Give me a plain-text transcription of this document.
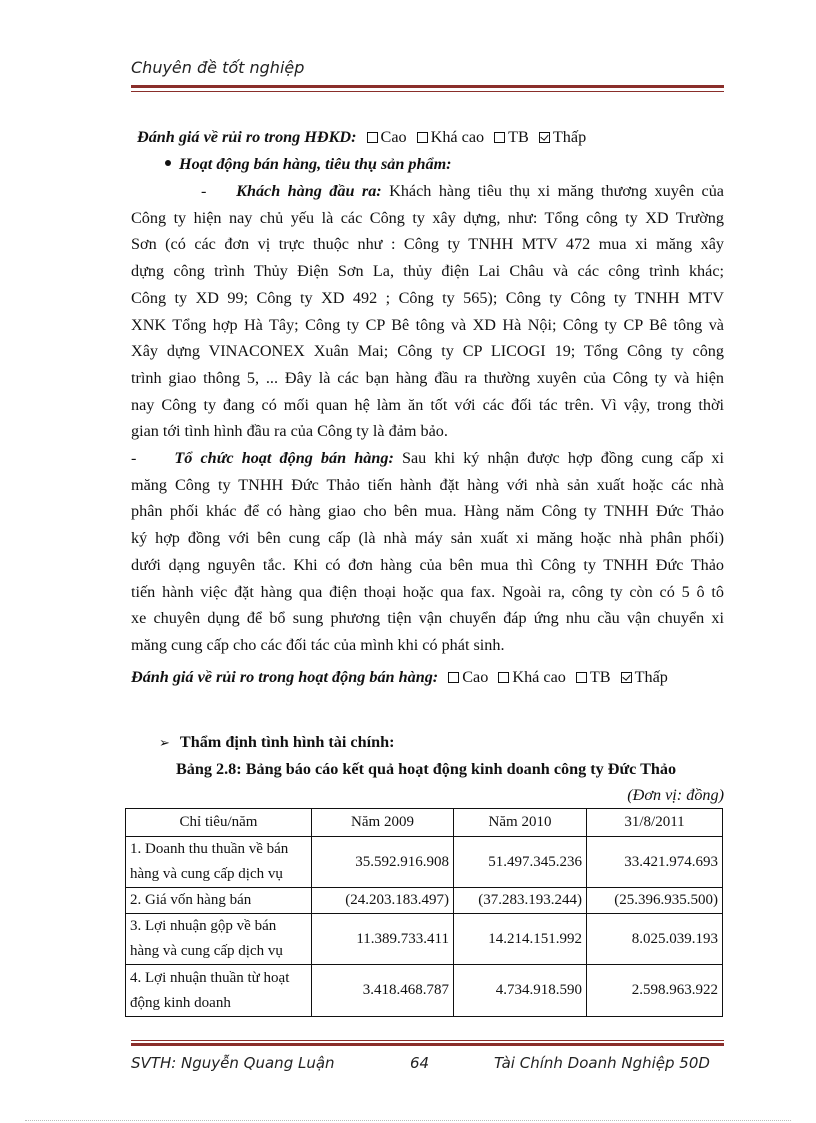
Chuyên đề tốt nghiệp
Đánh giá về rủi ro trong HĐKD: Cao Khá cao TB Thấp
Hoạt động bán hàng, tiêu thụ sản phẩm:
- Khách hàng đầu ra: Khách hàng tiêu thụ xi măng thương xuyên của
Công ty hiện nay chủ yếu là các Công ty xây dựng, như: Tổng công ty XD Trường
Sơn (có các đơn vị trực thuộc như : Công ty TNHH MTV 472 mua xi măng xây
dựng công trình Thủy Điện Sơn La, thủy điện Lai Châu và các công trình khác;
Công ty XD 99; Công ty XD 492 ; Công ty 565); Công ty Công ty TNHH MTV
XNK Tổng hợp Hà Tây; Công ty CP Bê tông và XD Hà Nội; Công ty CP Bê tông và
Xây dựng VINACONEX Xuân Mai; Công ty CP LICOGI 19; Tổng Công ty công
trình giao thông 5, ... Đây là các bạn hàng đầu ra thường xuyên của Công ty và hiện
nay Công ty đang có mối quan hệ làm ăn tốt với các đối tác trên. Vì vậy, trong thời
gian tới tình hình đầu ra của Công ty là đảm bảo.
- Tổ chức hoạt động bán hàng: Sau khi ký nhận được hợp đồng cung cấp xi
măng Công ty TNHH Đức Thảo tiến hành đặt hàng với nhà sản xuất hoặc các nhà
phân phối khác để có hàng giao cho bên mua. Hàng năm Công ty TNHH Đức Thảo
ký hợp đồng với bên cung cấp (là nhà máy sản xuất xi măng hoặc nhà phân phối)
dưới dạng nguyên tắc. Khi có đơn hàng của bên mua thì Công ty TNHH Đức Thảo
tiến hành việc đặt hàng qua điện thoại hoặc qua fax. Ngoài ra, công ty còn có 5 ô tô
xe chuyên dụng để bổ sung phương tiện vận chuyển đáp ứng nhu cầu vận chuyển xi
măng cung cấp cho các đối tác của mình khi có phát sinh.
Đánh giá về rủi ro trong hoạt động bán hàng: Cao Khá cao TB Thấp
➢ Thẩm định tình hình tài chính:
Bảng 2.8: Bảng báo cáo kết quả hoạt động kinh doanh công ty Đức Thảo
(Đơn vị: đồng)
Chỉ tiêu/năm	Năm 2009	Năm 2010	31/8/2011
1. Doanh thu thuần về bán
hàng và cung cấp dịch vụ	35.592.916.908	51.497.345.236	33.421.974.693
2. Giá vốn hàng bán	(24.203.183.497)	(37.283.193.244)	(25.396.935.500)
3. Lợi nhuận gộp về bán
hàng và cung cấp dịch vụ	11.389.733.411	14.214.151.992	8.025.039.193
4. Lợi nhuận thuần từ hoạt
động kinh doanh	3.418.468.787	4.734.918.590	2.598.963.922
SVTH: Nguyễn Quang Luận	64	Tài Chính Doanh Nghiệp 50D
